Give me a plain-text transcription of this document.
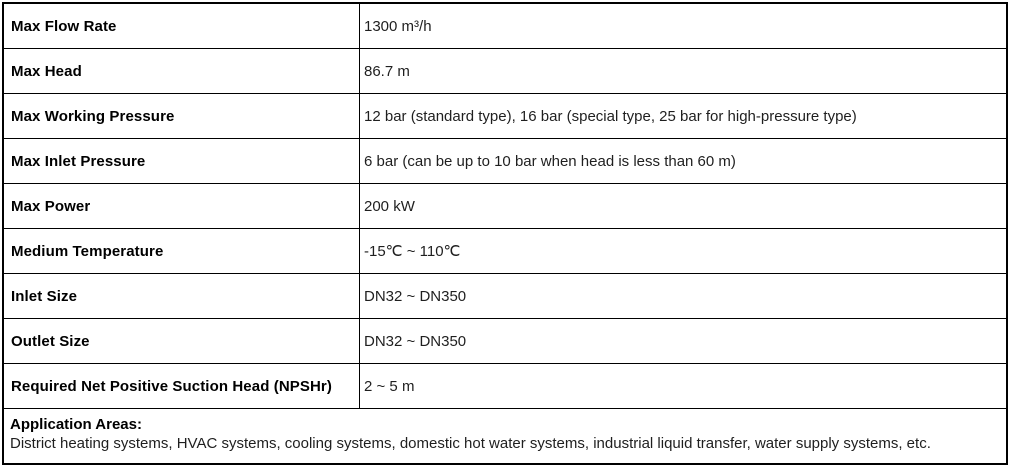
Max Flow Rate	1300 m³/h
Max Head	86.7 m
Max Working Pressure	12 bar (standard type), 16 bar (special type, 25 bar for high-pressure type)
Max Inlet Pressure	6 bar (can be up to 10 bar when head is less than 60 m)
Max Power	200 kW
Medium Temperature	-15℃ ~ 110℃
Inlet Size	DN32 ~ DN350
Outlet Size	DN32 ~ DN350
Required Net Positive Suction Head (NPSHr)	2 ~ 5 m
Application Areas:
District heating systems, HVAC systems, cooling systems, domestic hot water systems, industrial liquid transfer, water supply systems, etc.
